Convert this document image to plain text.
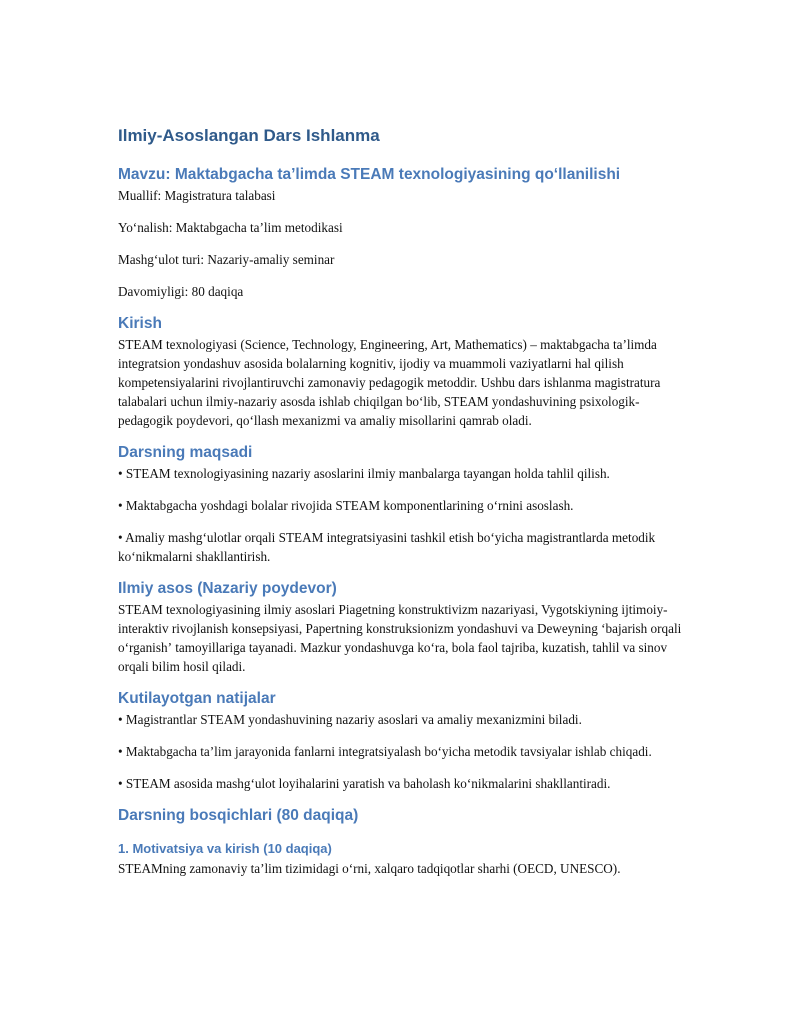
Ilmiy-Asoslangan Dars Ishlanma
Mavzu: Maktabgacha taʼlimda STEAM texnologiyasining qoʻllanilishi

Muallif: Magistratura talabasi

Yoʻnalish: Maktabgacha taʼlim metodikasi

Mashgʻulot turi: Nazariy-amaliy seminar

Davomiyligi: 80 daqiqa

Kirish

STEAM texnologiyasi (Science, Technology, Engineering, Art, Mathematics) – maktabgacha taʼlimda integratsion yondashuv asosida bolalarning kognitiv, ijodiy va muammoli vaziyatlarni hal qilish kompetensiyalarini rivojlantiruvchi zamonaviy pedagogik metoddir. Ushbu dars ishlanma magistratura talabalari uchun ilmiy-nazariy asosda ishlab chiqilgan boʻlib, STEAM yondashuvining psixologik-pedagogik poydevori, qoʻllash mexanizmi va amaliy misollarini qamrab oladi.

Darsning maqsadi

• STEAM texnologiyasining nazariy asoslarini ilmiy manbalarga tayangan holda tahlil qilish.

• Maktabgacha yoshdagi bolalar rivojida STEAM komponentlarining oʻrnini asoslash.

• Amaliy mashgʻulotlar orqali STEAM integratsiyasini tashkil etish boʻyicha magistrantlarda metodik koʻnikmalarni shakllantirish.

Ilmiy asos (Nazariy poydevor)

STEAM texnologiyasining ilmiy asoslari Piagetning konstruktivizm nazariyasi, Vygotskiyning ijtimoiy-interaktiv rivojlanish konsepsiyasi, Papertning konstruksionizm yondashuvi va Deweyning ʻbajarish orqali oʻrganishʼ tamoyillariga tayanadi. Mazkur yondashuvga koʻra, bola faol tajriba, kuzatish, tahlil va sinov orqali bilim hosil qiladi.

Kutilayotgan natijalar

• Magistrantlar STEAM yondashuvining nazariy asoslari va amaliy mexanizmini biladi.

• Maktabgacha taʼlim jarayonida fanlarni integratsiyalash boʻyicha metodik tavsiyalar ishlab chiqadi.

• STEAM asosida mashgʻulot loyihalarini yaratish va baholash koʻnikmalarini shakllantiradi.

Darsning bosqichlari (80 daqiqa)
1. Motivatsiya va kirish (10 daqiqa)

STEAMning zamonaviy taʼlim tizimidagi oʻrni, xalqaro tadqiqotlar sharhi (OECD, UNESCO).
